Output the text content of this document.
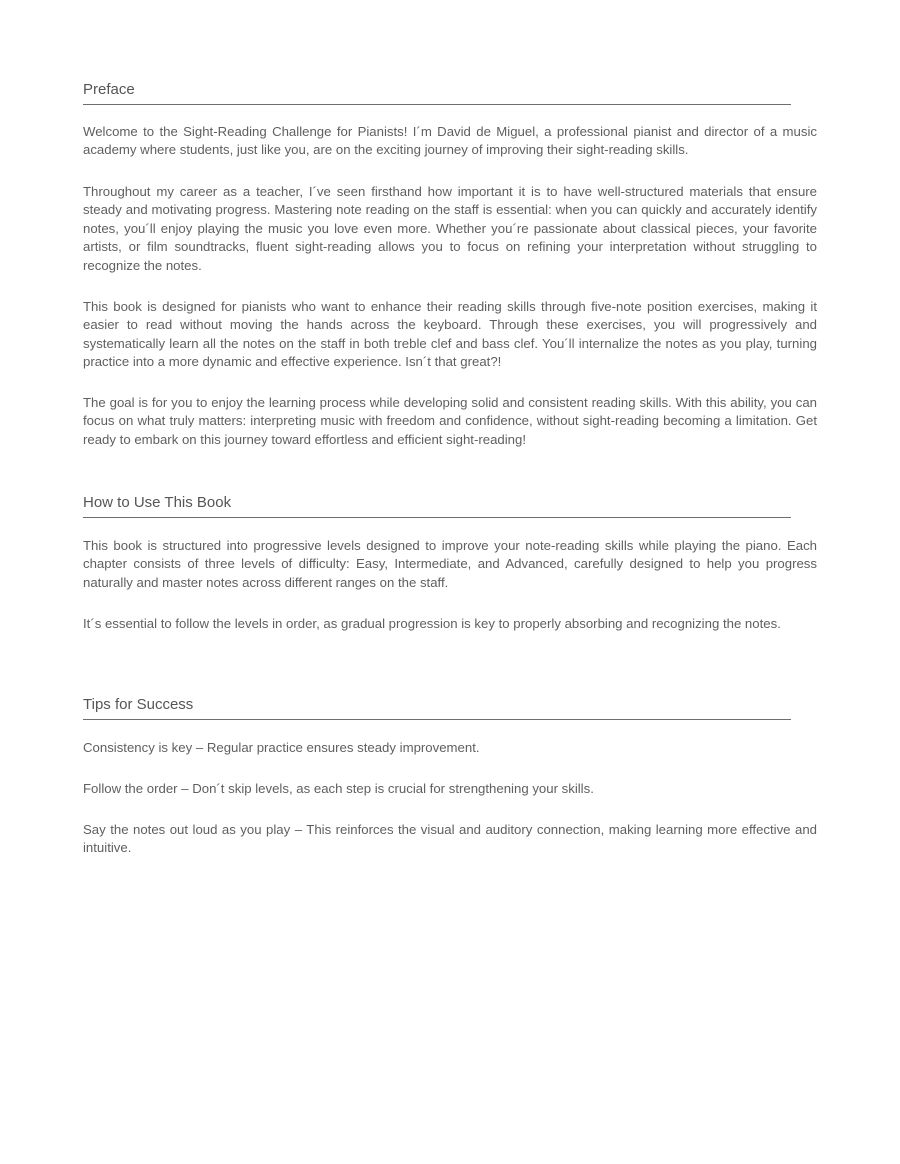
Preface

Welcome to the Sight-Reading Challenge for Pianists! I´m David de Miguel, a professional pianist and director of a music academy where students, just like you, are on the exciting journey of improving their sight-reading skills.

Throughout my career as a teacher, I´ve seen firsthand how important it is to have well-structured materials that ensure steady and motivating progress. Mastering note reading on the staff is essential: when you can quickly and accurately identify notes, you´ll enjoy playing the music you love even more. Whether you´re passionate about classical pieces, your favorite artists, or film soundtracks, fluent sight-reading allows you to focus on refining your interpretation without struggling to recognize the notes.

This book is designed for pianists who want to enhance their reading skills through five-note position exercises, making it easier to read without moving the hands across the keyboard. Through these exercises, you will progressively and systematically learn all the notes on the staff in both treble clef and bass clef. You´ll internalize the notes as you play, turning practice into a more dynamic and effective experience. Isn´t that great?!

The goal is for you to enjoy the learning process while developing solid and consistent reading skills. With this ability, you can focus on what truly matters: interpreting music with freedom and confidence, without sight-reading becoming a limitation. Get ready to embark on this journey toward effortless and efficient sight-reading!

How to Use This Book

This book is structured into progressive levels designed to improve your note-reading skills while playing the piano. Each chapter consists of three levels of difficulty: Easy, Intermediate, and Advanced, carefully designed to help you progress naturally and master notes across different ranges on the staff.

It´s essential to follow the levels in order, as gradual progression is key to properly absorbing and recognizing the notes.

Tips for Success

Consistency is key – Regular practice ensures steady improvement.

Follow the order – Don´t skip levels, as each step is crucial for strengthening your skills.

Say the notes out loud as you play – This reinforces the visual and auditory connection, making learning more effective and intuitive.
